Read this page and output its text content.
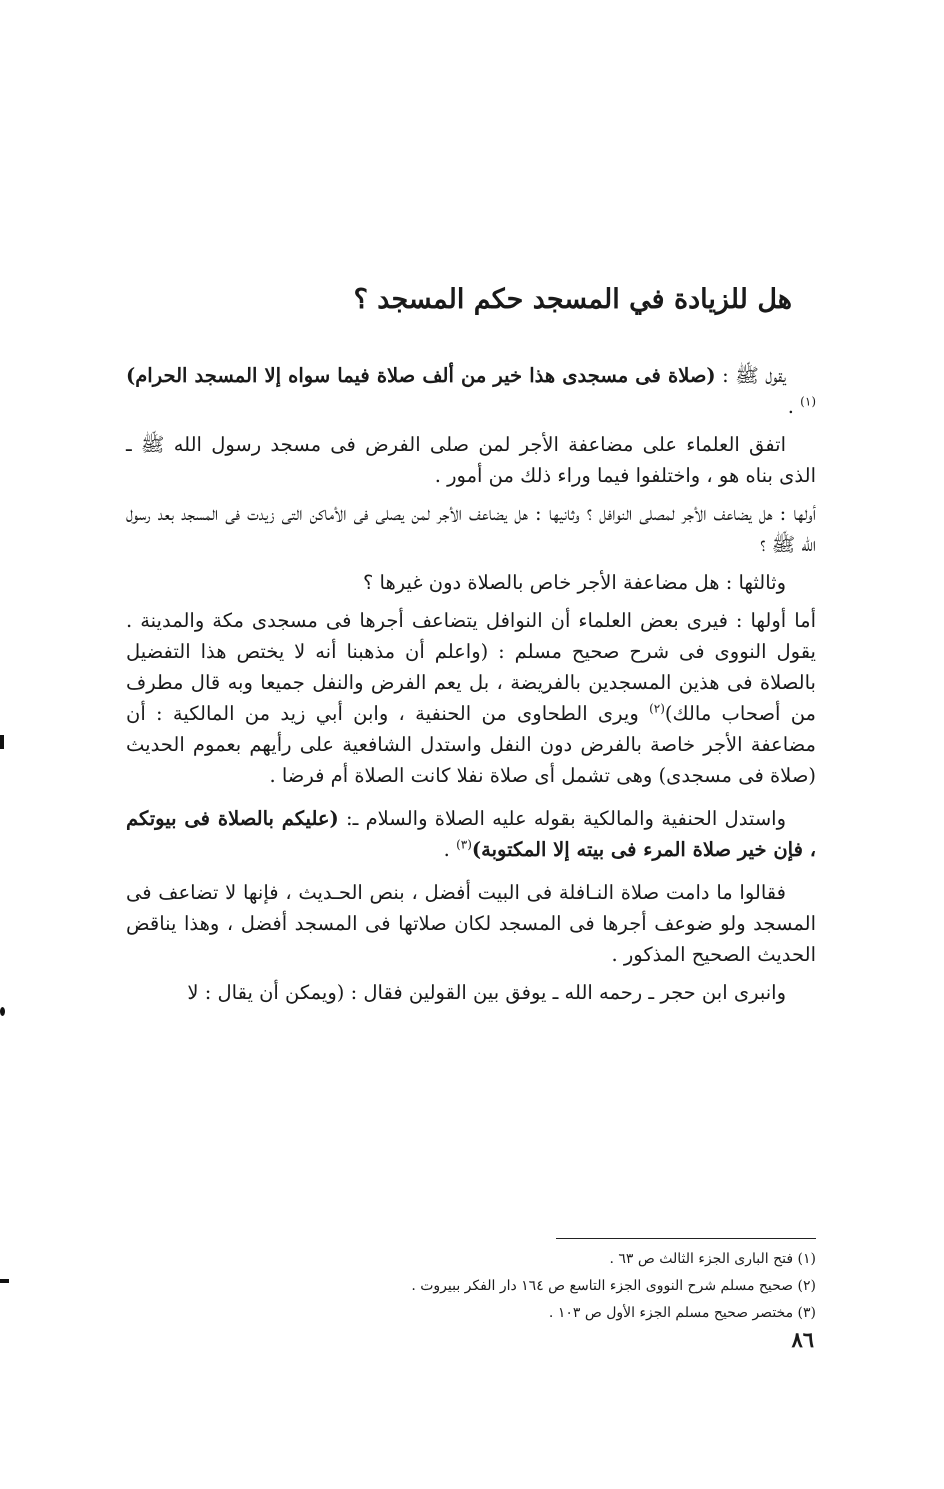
هل للزيادة في المسجد حكم المسجد ؟

يقول ﷺ : (صلاة فى مسجدى هذا خير من ألف صلاة فيما سواه إلا المسجد الحرام)$^{(١)}$ .

اتفق العلماء على مضاعفة الأجر لمن صلى الفرض فى مسجد رسول الله ﷺ ـ الذى بناه هو ، واختلفوا فيما وراء ذلك من أمور .

أولها : هل يضاعف الأجر لمصلى النوافل ؟ وثانيها : هل يضاعف الأجر لمن يصلى فى الأماكن التى زيدت فى المسجد بعد رسول الله ﷺ ؟

وثالثها : هل مضاعفة الأجر خاص بالصلاة دون غيرها ؟

أما أولها : فيرى بعض العلماء أن النوافل يتضاعف أجرها فى مسجدى مكة والمدينة . يقول النووى فى شرح صحيح مسلم : (واعلم أن مذهبنا أنه لا يختص هذا التفضيل بالصلاة فى هذين المسجدين بالفريضة ، بل يعم الفرض والنفل جميعا وبه قال مطرف من أصحاب مالك)$^{(٢)}$ ويرى الطحاوى من الحنفية ، وابن أبي زيد من المالكية : أن مضاعفة الأجر خاصة بالفرض دون النفل واستدل الشافعية على رأيهم بعموم الحديث (صلاة فى مسجدى) وهى تشمل أى صلاة نفلا كانت الصلاة أم فرضا .

واستدل الحنفية والمالكية بقوله عليه الصلاة والسلام ـ: (عليكم بالصلاة فى بيوتكم ، فإن خير صلاة المرء فى بيته إلا المكتوبة)$^{(٣)}$ .

فقالوا ما دامت صلاة النـافلة فى البيت أفضل ، بنص الحـديث ، فإنها لا تضاعف فى المسجد ولو ضوعف أجرها فى المسجد لكان صلاتها فى المسجد أفضل ، وهذا يناقض الحديث الصحيح المذكور .

وانبرى ابن حجر ـ رحمه الله ـ يوفق بين القولين فقال : (ويمكن أن يقال : لا

(١) فتح البارى الجزء الثالث ص ٦٣ .
(٢) صحيح مسلم شرح النووى الجزء التاسع ص ١٦٤ دار الفكر ببيروت .
(٣) مختصر صحيح مسلم الجزء الأول ص ١٠٣ .
٨٦
